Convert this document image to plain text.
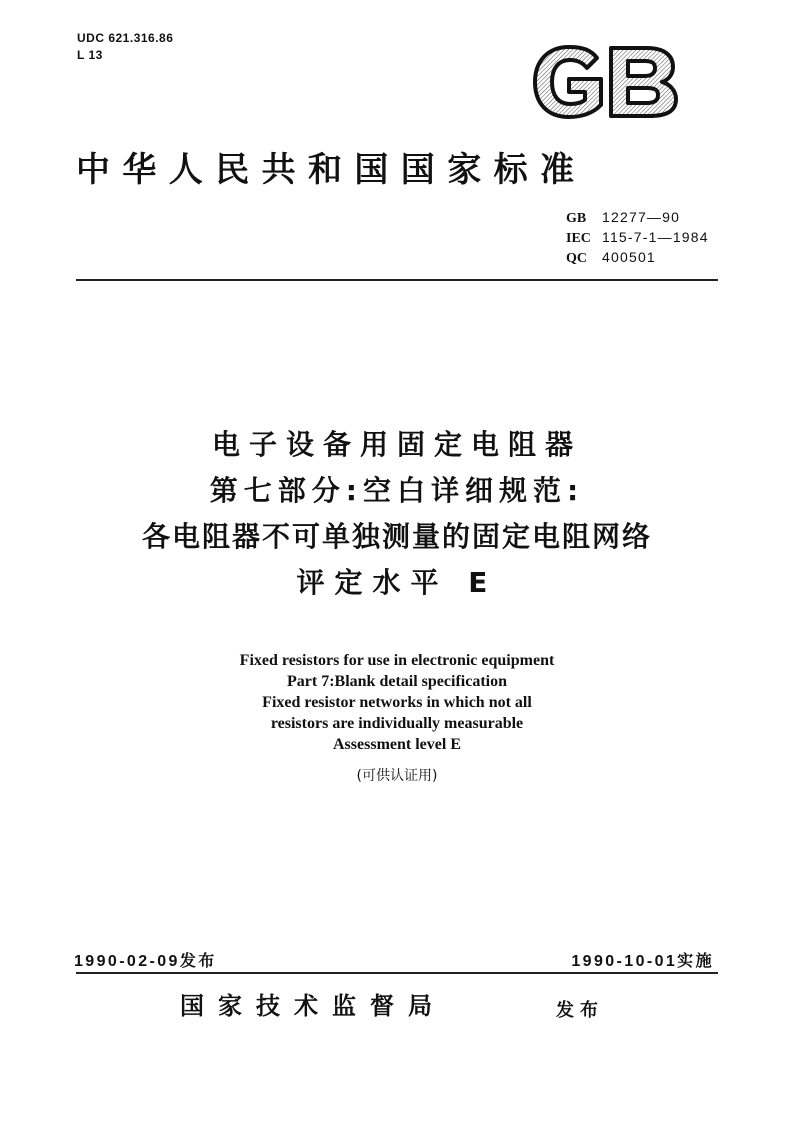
UDC 621.316.86
L 13
中华人民共和国国家标准
GB 12277—90
IEC 115-7-1—1984
QC 400501
电子设备用固定电阻器
第七部分:空白详细规范:
各电阻器不可单独测量的固定电阻网络
评定水平 E
Fixed resistors for use in electronic equipment
Part 7:Blank detail specification
Fixed resistor networks in which not all
resistors are individually measurable
Assessment level E
(可供认证用)
1990-02-09发布	1990-10-01实施
国家技术监督局	发布
